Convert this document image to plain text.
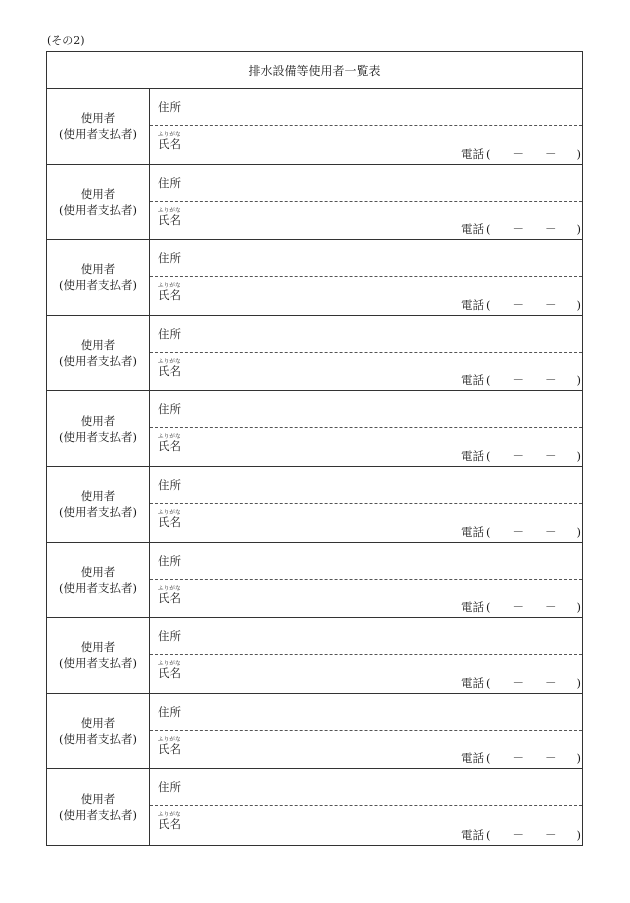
(その2)
排水設備等使用者一覧表
使用者
(使用者支払者)
住所
ふりがな
氏名
電話 ( － － )
使用者
(使用者支払者)
住所
ふりがな
氏名
電話 ( － － )
使用者
(使用者支払者)
住所
ふりがな
氏名
電話 ( － － )
使用者
(使用者支払者)
住所
ふりがな
氏名
電話 ( － － )
使用者
(使用者支払者)
住所
ふりがな
氏名
電話 ( － － )
使用者
(使用者支払者)
住所
ふりがな
氏名
電話 ( － － )
使用者
(使用者支払者)
住所
ふりがな
氏名
電話 ( － － )
使用者
(使用者支払者)
住所
ふりがな
氏名
電話 ( － － )
使用者
(使用者支払者)
住所
ふりがな
氏名
電話 ( － － )
使用者
(使用者支払者)
住所
ふりがな
氏名
電話 ( － － )
